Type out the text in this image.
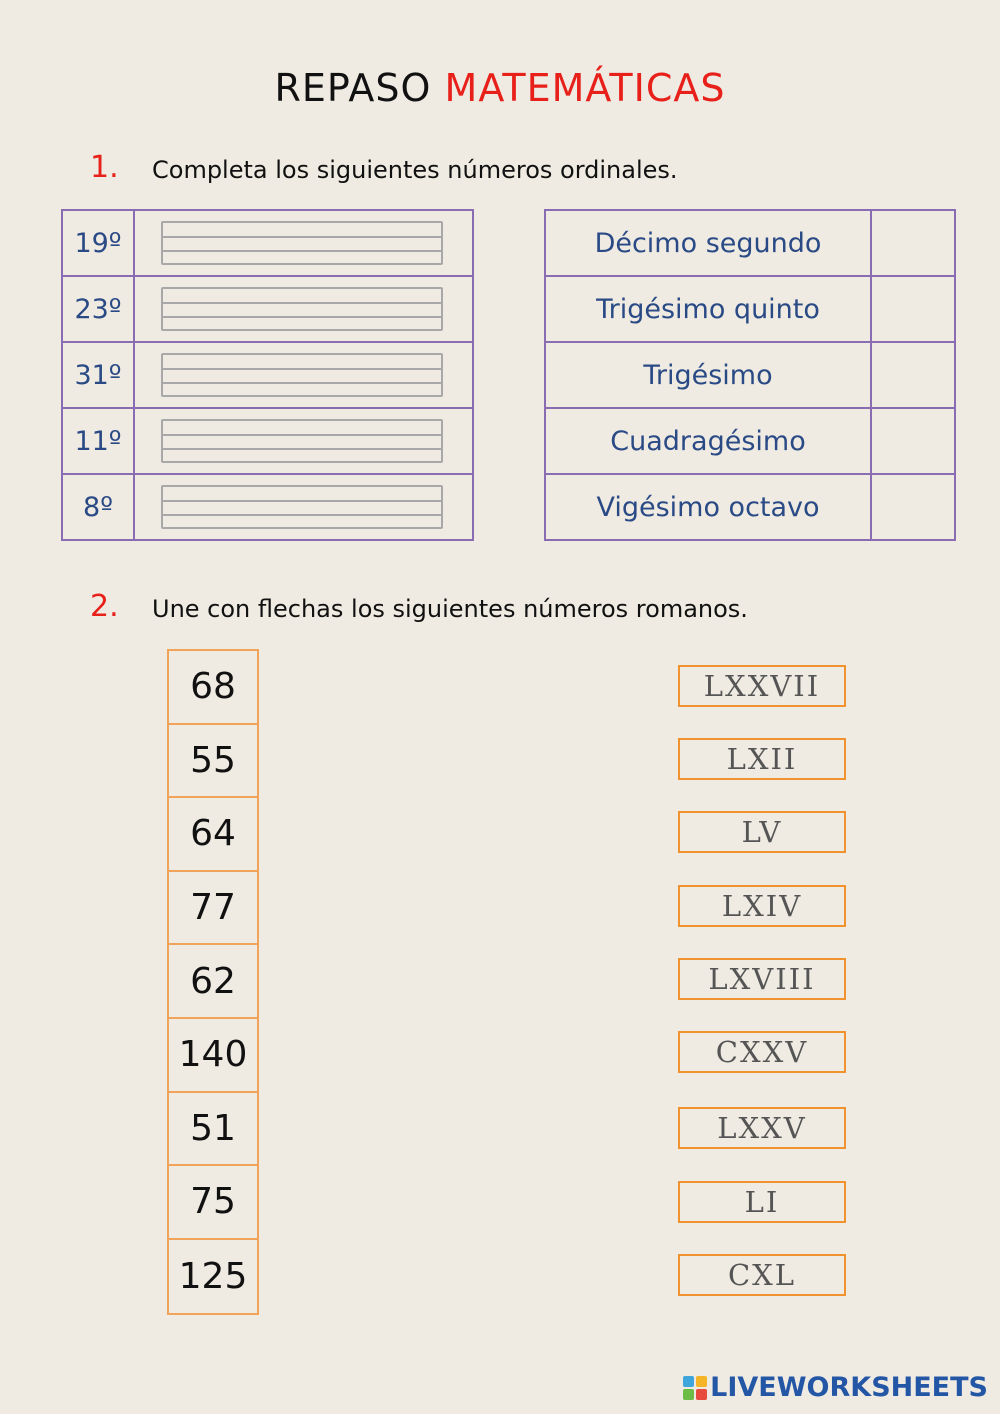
REPASO MATEMÁTICAS
1. Completa los siguientes números ordinales.
19º	

23º	

31º	

11º	

8º	
Décimo segundo	
Trigésimo quinto	
Trigésimo	
Cuadragésimo	
Vigésimo octavo	
2. Une con flechas los siguientes números romanos.
68
55
64
77
62
140
51
75
125
LXXVII
LXII
LV
LXIV
LXVIII
CXXV
LXXV
LI
CXL
LIVEWORKSHEETS
